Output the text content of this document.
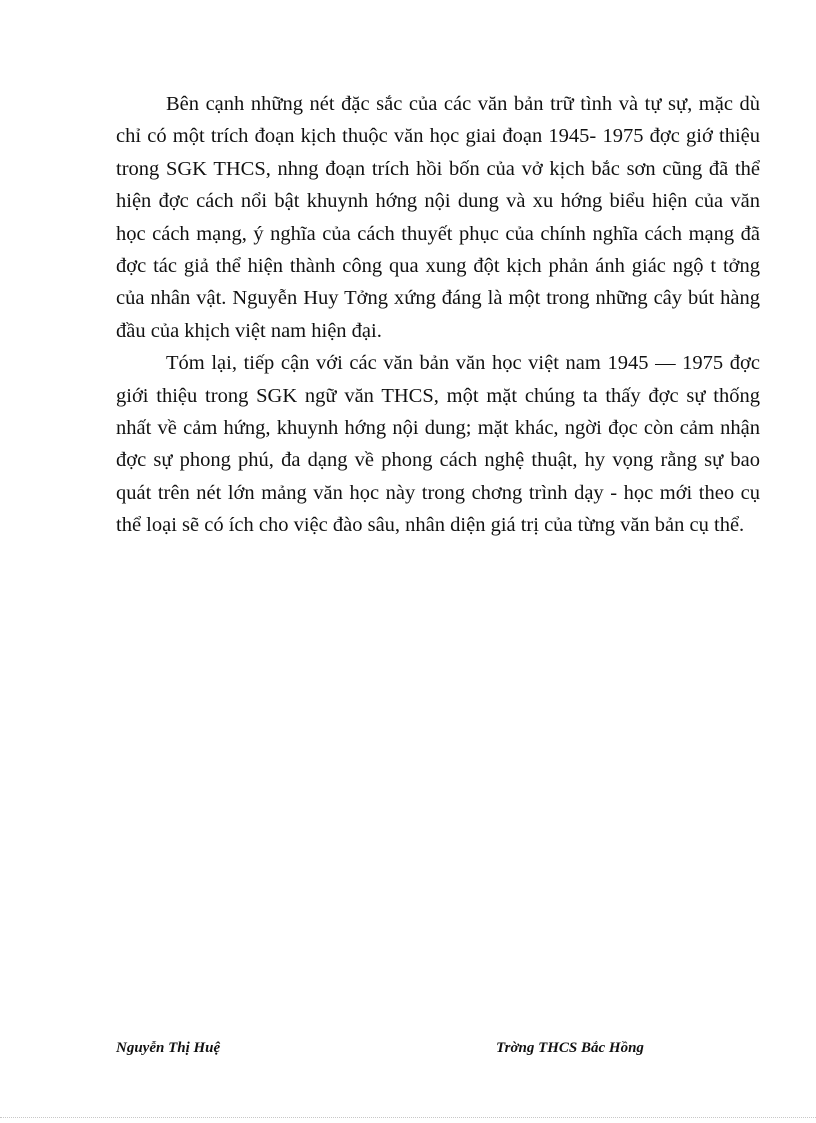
Bên cạnh những nét đặc sắc của các văn bản trữ tình và tự sự, mặc dù chỉ có một trích đoạn kịch thuộc văn học giai đoạn 1945- 1975 đợc giớ thiệu trong SGK THCS, nhng đoạn trích hồi bốn của vở kịch bắc sơn cũng đã thể hiện đợc cách nổi bật khuynh hớng nội dung và xu hớng biểu hiện của văn học cách mạng, ý nghĩa của cách thuyết phục của chính nghĩa cách mạng đã đợc tác giả thể hiện thành công qua xung đột kịch phản ánh giác ngộ t tởng của nhân vật. Nguyễn Huy Tởng xứng đáng là một trong những cây bút hàng đầu của khịch việt nam hiện đại.

Tóm lại, tiếp cận với các văn bản văn học việt nam 1945 — 1975 đợc giới thiệu trong SGK ngữ văn THCS, một mặt chúng ta thấy đợc sự thống nhất về cảm hứng, khuynh hớng nội dung; mặt khác, ngời đọc còn cảm nhận đợc sự phong phú, đa dạng về phong cách nghệ thuật, hy vọng rằng sự bao quát trên nét lớn mảng văn học này trong chơng trình dạy - học mới theo cụ thể loại sẽ có ích cho việc đào sâu, nhân diện giá trị của từng văn bản cụ thể.

Nguyễn Thị Huệ	Trờng THCS Bắc Hồng
